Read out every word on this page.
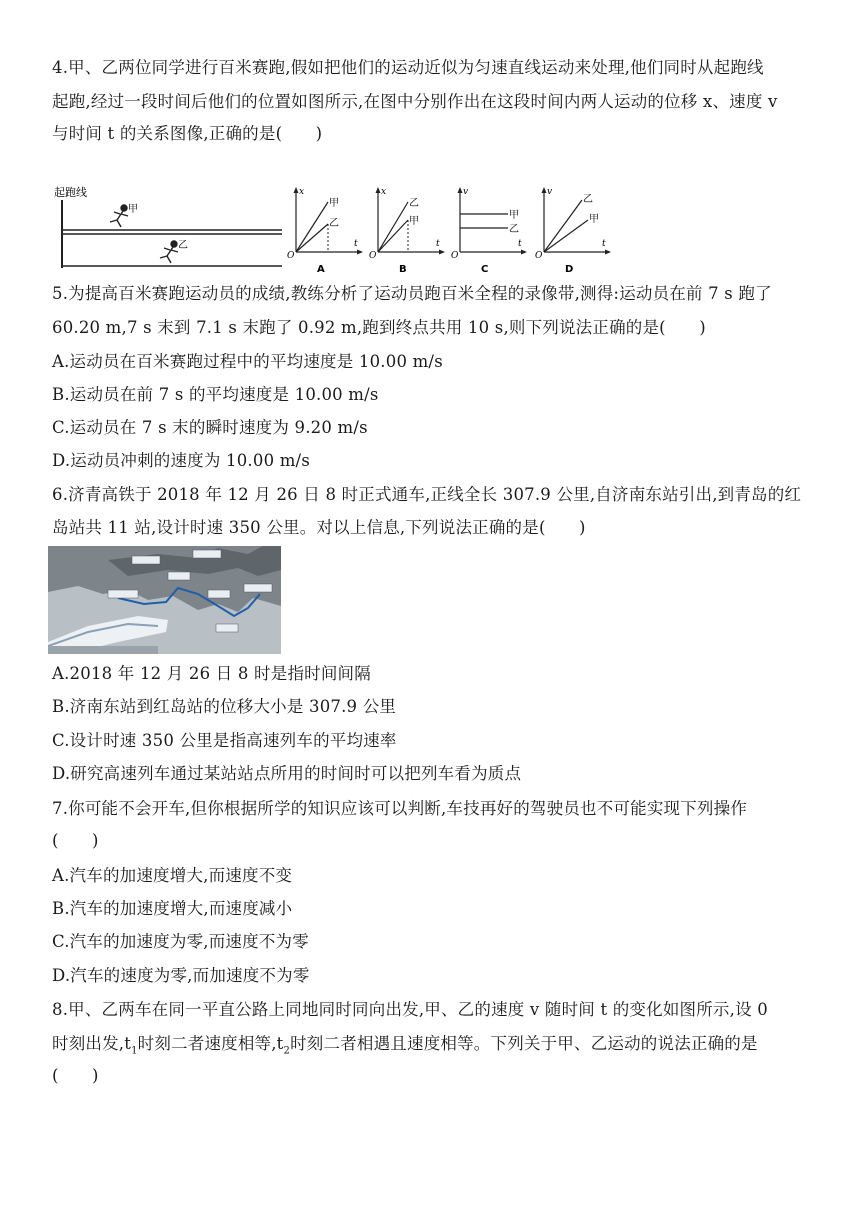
4.甲、乙两位同学进行百米赛跑,假如把他们的运动近似为匀速直线运动来处理,他们同时从起跑线
起跑,经过一段时间后他们的位置如图所示,在图中分别作出在这段时间内两人运动的位移 x、速度 v
与时间 t 的关系图像,正确的是(　　)
起跑线
甲
乙
x
t
O
甲
乙
A
x
t
O
乙
甲
B
v
t
O
甲
乙
C
v
t
O
乙
甲
D
5.为提高百米赛跑运动员的成绩,教练分析了运动员跑百米全程的录像带,测得:运动员在前 7 s 跑了
60.20 m,7 s 末到 7.1 s 末跑了 0.92 m,跑到终点共用 10 s,则下列说法正确的是(　　)
A.运动员在百米赛跑过程中的平均速度是 10.00 m/s
B.运动员在前 7 s 的平均速度是 10.00 m/s
C.运动员在 7 s 末的瞬时速度为 9.20 m/s
D.运动员冲刺的速度为 10.00 m/s
6.济青高铁于 2018 年 12 月 26 日 8 时正式通车,正线全长 307.9 公里,自济南东站引出,到青岛的红
岛站共 11 站,设计时速 350 公里。对以上信息,下列说法正确的是(　　)
A.2018 年 12 月 26 日 8 时是指时间间隔
B.济南东站到红岛站的位移大小是 307.9 公里
C.设计时速 350 公里是指高速列车的平均速率
D.研究高速列车通过某站站点所用的时间时可以把列车看为质点
7.你可能不会开车,但你根据所学的知识应该可以判断,车技再好的驾驶员也不可能实现下列操作
(　　)
A.汽车的加速度增大,而速度不变
B.汽车的加速度增大,而速度减小
C.汽车的加速度为零,而速度不为零
D.汽车的速度为零,而加速度不为零
8.甲、乙两车在同一平直公路上同地同时同向出发,甲、乙的速度 v 随时间 t 的变化如图所示,设 0
时刻出发$,t_1$时刻二者速度相等$,t_2$时刻二者相遇且速度相等。下列关于甲、乙运动的说法正确的是
(　　)
